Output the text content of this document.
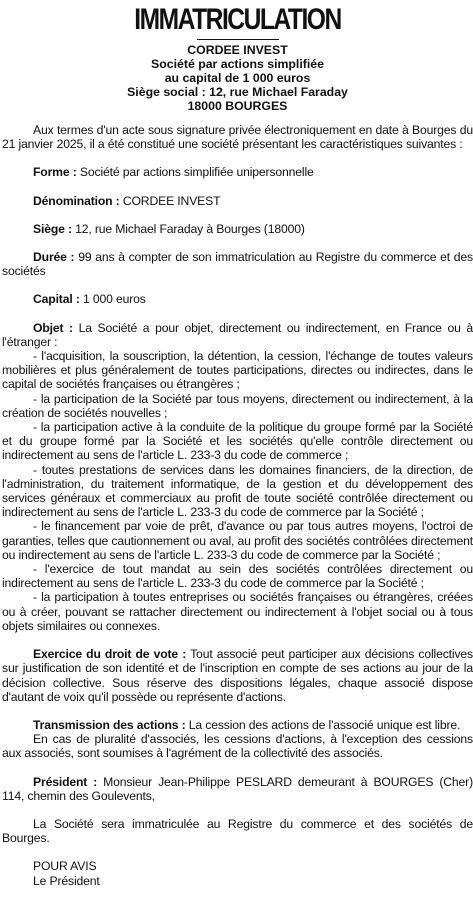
IMMATRICULATION
CORDEE INVEST
Société par actions simplifiée
au capital de 1 000 euros
Siège social : 12, rue Michael Faraday
18000 BOURGES

Aux termes d'un acte sous signature privée électroniquement en date à Bourges du 21 janvier 2025, il a été constitué une société présentant les caractéristiques suivantes :

Forme : Société par actions simplifiée unipersonnelle

Dénomination : CORDEE INVEST

Siège : 12, rue Michael Faraday à Bourges (18000)

Durée : 99 ans à compter de son immatriculation au Registre du commerce et des sociétés

Capital : 1 000 euros

Objet : La Société a pour objet, directement ou indirectement, en France ou à l'étranger :

- l'acquisition, la souscription, la détention, la cession, l'échange de toutes valeurs mobilières et plus généralement de toutes participations, directes ou indirectes, dans le capital de sociétés françaises ou étrangères ;

- la participation de la Société par tous moyens, directement ou indirectement, à la création de sociétés nouvelles ;

- la participation active à la conduite de la politique du groupe formé par la Société et du groupe formé par la Société et les sociétés qu'elle contrôle directement ou indirectement au sens de l'article L. 233-3 du code de commerce ;

- toutes prestations de services dans les domaines financiers, de la direction, de l'administration, du traitement informatique, de la gestion et du développement des services généraux et commerciaux au profit de toute société contrôlée directement ou indirectement au sens de l'article L. 233-3 du code de commerce par la Société ;

- le financement par voie de prêt, d'avance ou par tous autres moyens, l'octroi de garanties, telles que cautionnement ou aval, au profit des sociétés contrôlées directement ou indirectement au sens de l'article L. 233-3 du code de commerce par la Société ;

- l'exercice de tout mandat au sein des sociétés contrôlées directement ou indirectement au sens de l'article L. 233-3 du code de commerce par la Société ;

- la participation à toutes entreprises ou sociétés françaises ou étrangères, créées ou à créer, pouvant se rattacher directement ou indirectement à l'objet social ou à tous objets similaires ou connexes.

Exercice du droit de vote : Tout associé peut participer aux décisions collectives sur justification de son identité et de l'inscription en compte de ses actions au jour de la décision collective. Sous réserve des dispositions légales, chaque associé dispose d'autant de voix qu'il possède ou représente d'actions.

Transmission des actions : La cession des actions de l'associé unique est libre.

En cas de pluralité d'associés, les cessions d'actions, à l'exception des cessions aux associés, sont soumises à l'agrément de la collectivité des associés.

Président : Monsieur Jean-Philippe PESLARD demeurant à BOURGES (Cher) 114, chemin des Goulevents,

La Société sera immatriculée au Registre du commerce et des sociétés de Bourges.

POUR AVIS
Le Président
